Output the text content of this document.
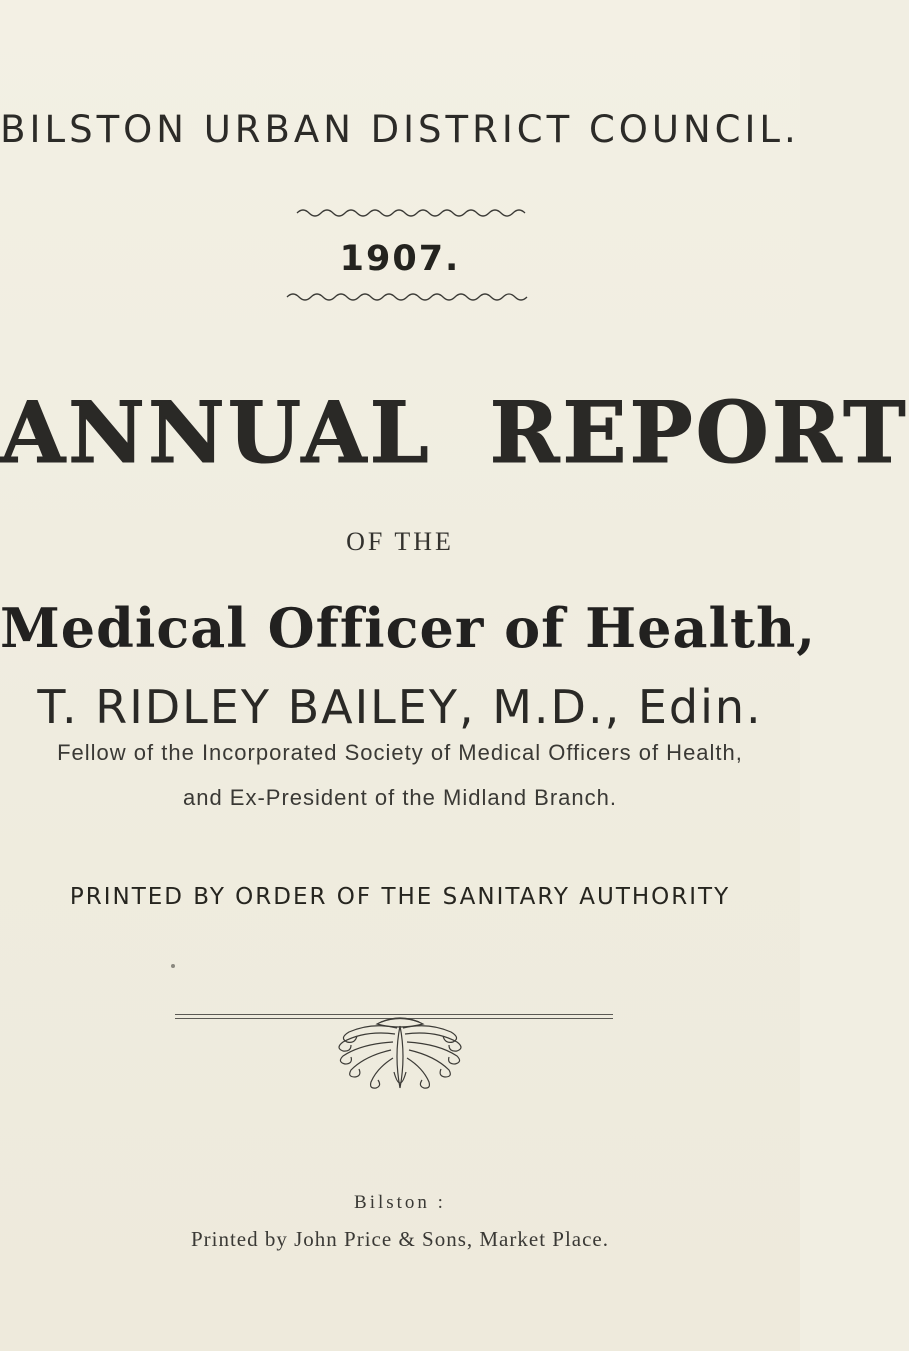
BILSTON URBAN DISTRICT COUNCIL.
1907.
ANNUAL REPORT
OF THE
Medical Officer of Health,
T. RIDLEY BAILEY, M.D., Edin.
Fellow of the Incorporated Society of Medical Officers of Health,
and Ex-President of the Midland Branch.
PRINTED BY ORDER OF THE SANITARY AUTHORITY
Bilston :
Printed by John Price & Sons, Market Place.
